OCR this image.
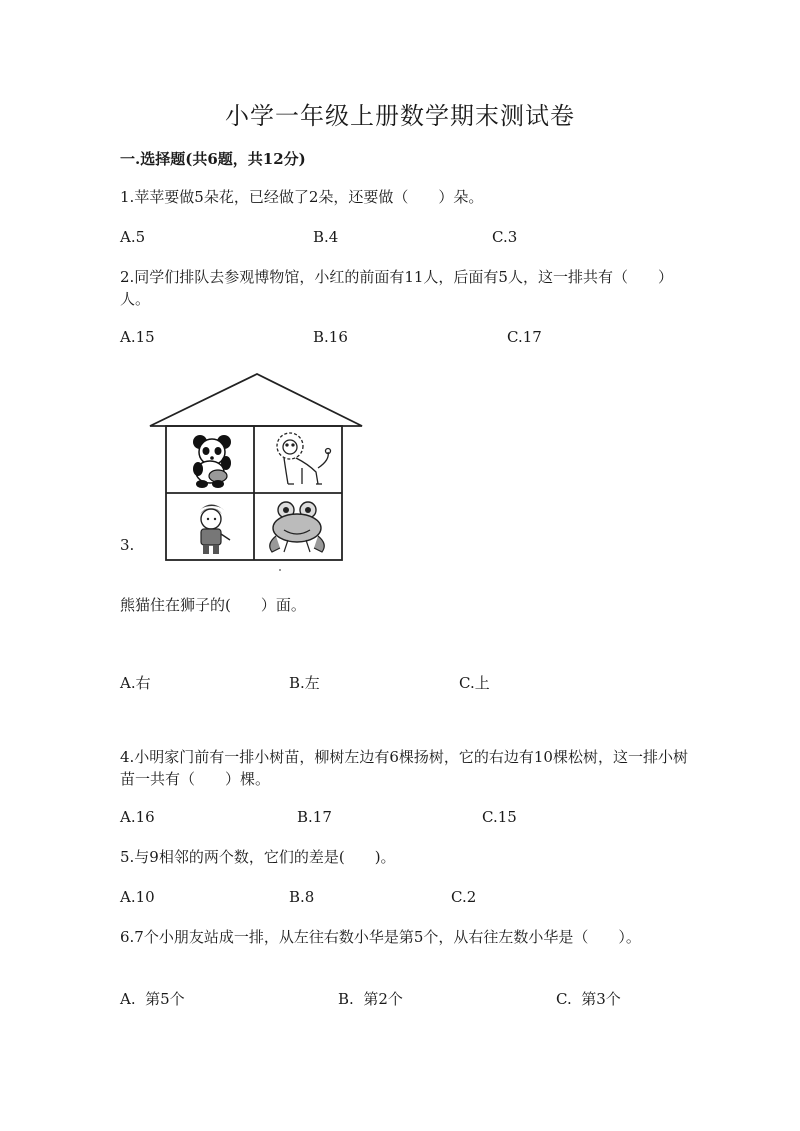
小学一年级上册数学期末测试卷
一.选择题(共6题，共12分)
1.苹苹要做5朵花，已经做了2朵，还要做（　　）朵。
A.5	B.4	C.3
2.同学们排队去参观博物馆，小红的前面有11人，后面有5人，这一排共有（　　）人。
A.15	B.16	C.17
3.
熊猫住在狮子的(　　）面。
A.右	B.左	C.上
4.小明家门前有一排小树苗，柳树左边有6棵扬树，它的右边有10棵松树，这一排小树苗一共有（　　）棵。
A.16	B.17	C.15
5.与9相邻的两个数，它们的差是(　　)。
A.10	B.8	C.2
6.7个小朋友站成一排，从左往右数小华是第5个，从右往左数小华是（　　）。
A.  第5个	B.  第2个	C.  第3个
